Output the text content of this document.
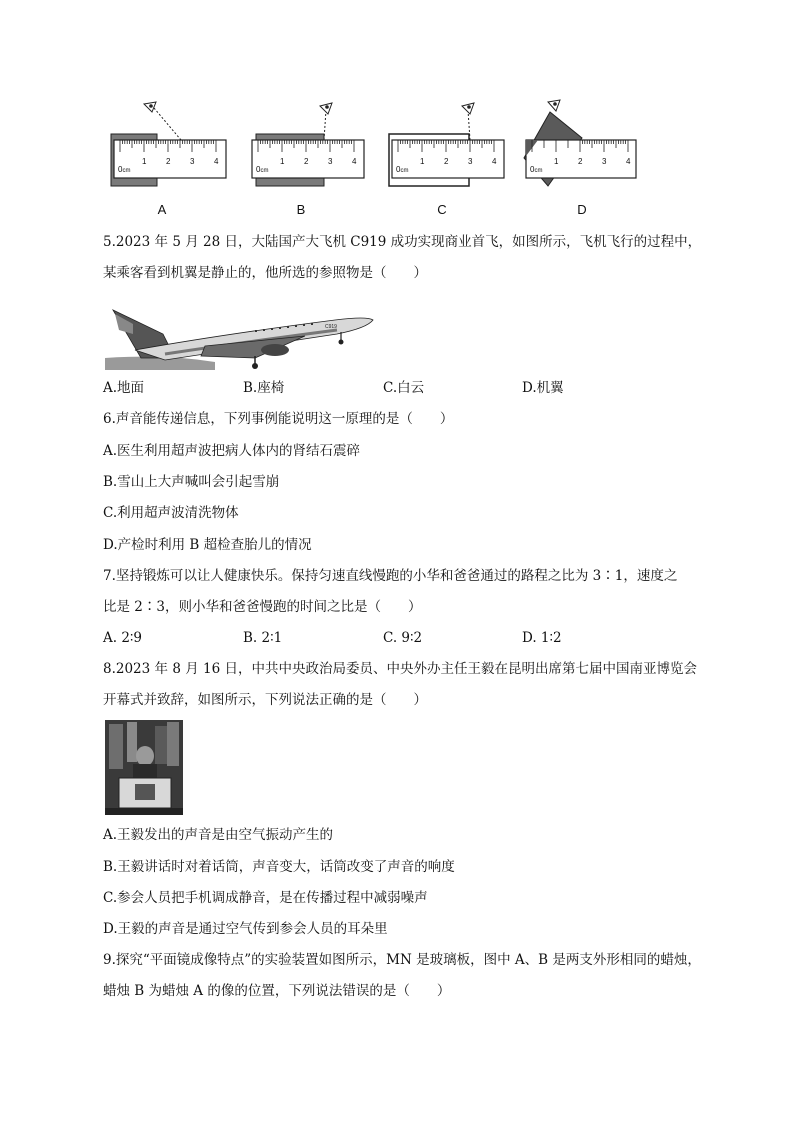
0cm
1 2 3 4
0cm
1 2 3 4
0cm
1 2 3 4
0cm
1 2 3 4
A	B	C	D
5.2023 年 5 月 28 日，大陆国产大飞机 C919 成功实现商业首飞，如图所示，飞机飞行的过程中，
某乘客看到机翼是静止的，他所选的参照物是（　　）
C919
A.地面	B.座椅	C.白云	D.机翼
6.声音能传递信息，下列事例能说明这一原理的是（　　）
A.医生利用超声波把病人体内的肾结石震碎
B.雪山上大声喊叫会引起雪崩
C.利用超声波清洗物体
D.产检时利用 B 超检查胎儿的情况
7.坚持锻炼可以让人健康快乐。保持匀速直线慢跑的小华和爸爸通过的路程之比为 3∶1，速度之
比是 2∶3，则小华和爸爸慢跑的时间之比是（　　）
A. 2∶9	B. 2∶1	C. 9∶2	D. 1∶2
8.2023 年 8 月 16 日，中共中央政治局委员、中央外办主任王毅在昆明出席第七届中国南亚博览会
开幕式并致辞，如图所示，下列说法正确的是（　　）
A.王毅发出的声音是由空气振动产生的
B.王毅讲话时对着话筒，声音变大，话筒改变了声音的响度
C.参会人员把手机调成静音，是在传播过程中减弱噪声
D.王毅的声音是通过空气传到参会人员的耳朵里
9.探究“平面镜成像特点”的实验装置如图所示，MN 是玻璃板，图中 A、B 是两支外形相同的蜡烛，
蜡烛 B 为蜡烛 A 的像的位置，下列说法错误的是（　　）
